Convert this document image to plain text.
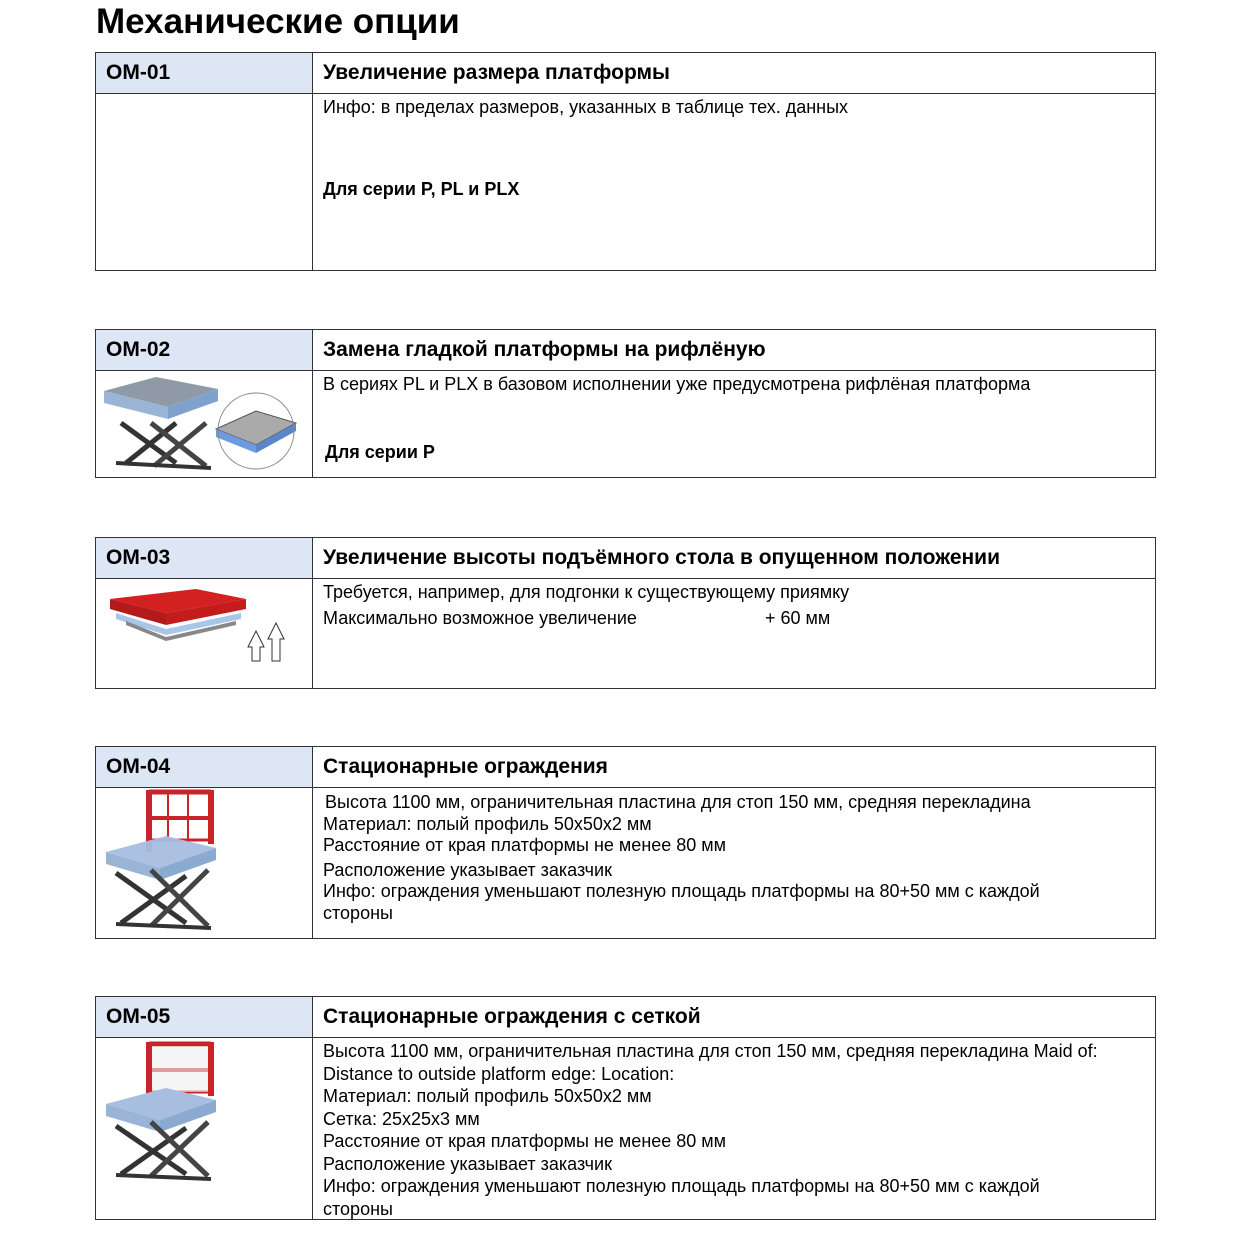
Механические опции
ОМ-01	Увеличение размера платформы
Инфо: в пределах размеров, указанных в таблице тех. данных
Для серии P, PL и PLX
ОМ-02	Замена гладкой платформы на рифлёную
В сериях PL и PLX в базовом исполнении уже предусмотрена рифлёная платформа
Для серии P
ОМ-03	Увеличение высоты подъёмного стола в опущенном положении
Требуется, например, для подгонки к существующему приямку
Максимально возможное увеличение	+ 60 мм
ОМ-04	Стационарные ограждения
Высота 1100 мм, ограничительная пластина для стоп 150 мм, средняя перекладина
Материал: полый профиль 50х50х2 мм
Расстояние от края платформы не менее 80 мм
Расположение указывает заказчик
Инфо: ограждения уменьшают полезную площадь платформы на 80+50 мм с каждой
стороны
ОМ-05	Стационарные ограждения с сеткой
Высота 1100 мм, ограничительная пластина для стоп 150 мм, средняя перекладина Maid of:
Distance to outside platform edge: Location:
Материал: полый профиль 50х50х2 мм
Сетка: 25х25х3 мм
Расстояние от края платформы не менее 80 мм
Расположение указывает заказчик
Инфо: ограждения уменьшают полезную площадь платформы на 80+50 мм с каждой
стороны
